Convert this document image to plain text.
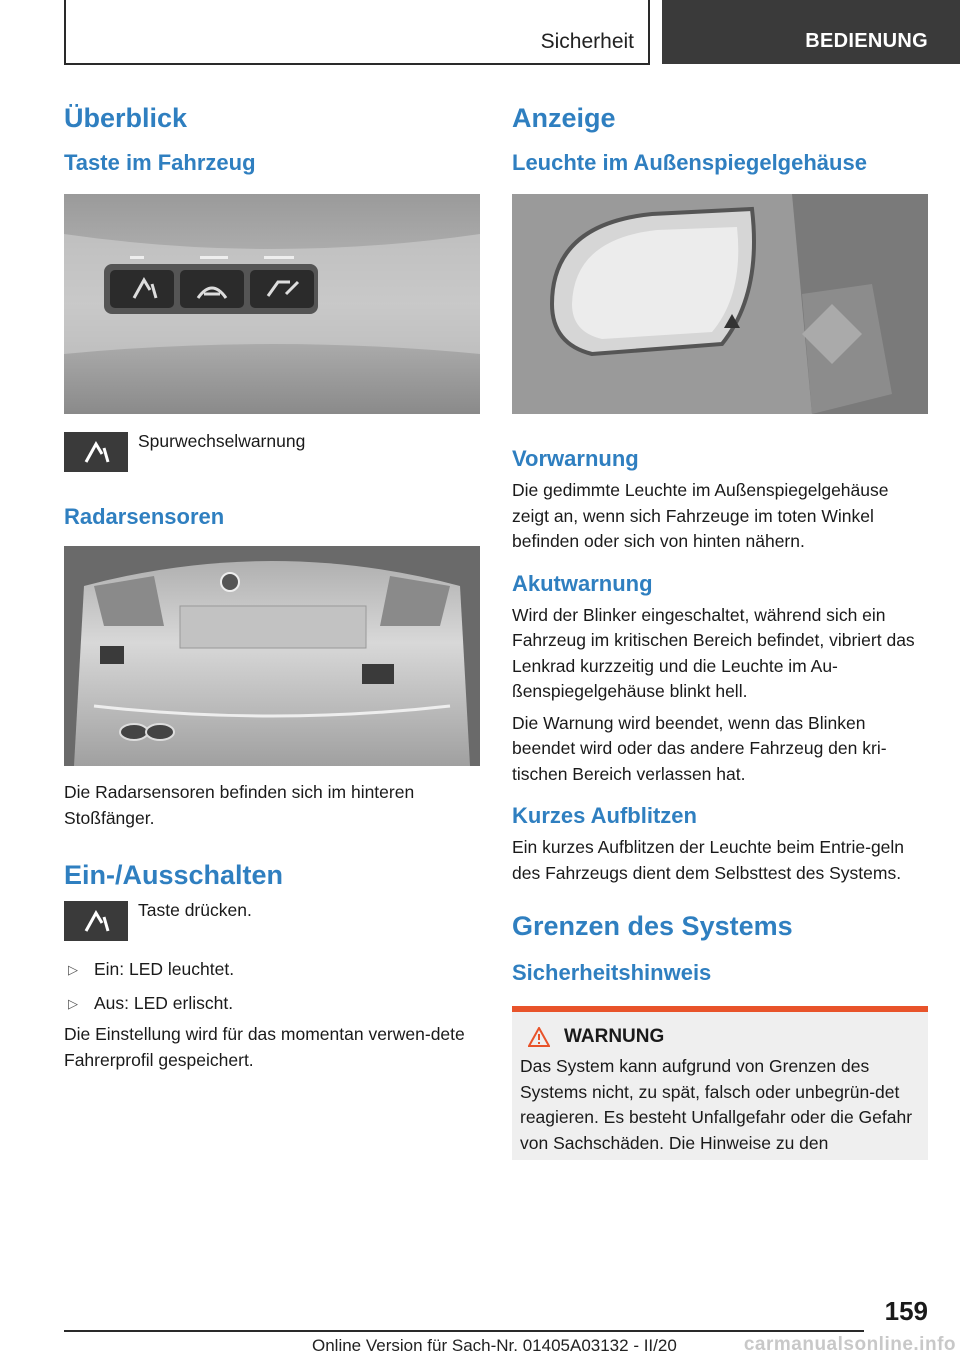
Sicherheit	BEDIENUNG
Überblick
Taste im Fahrzeug

Spurwechselwarnung

Radarsensoren

Die Radarsensoren befinden sich im hinteren Stoßfänger.

Ein-/Ausschalten

Taste drücken.

▷ Ein: LED leuchtet.
▷ Aus: LED erlischt.

Die Einstellung wird für das momentan verwen-dete Fahrerprofil gespeichert.

Anzeige
Leuchte im Außenspiegelgehäuse
Vorwarnung

Die gedimmte Leuchte im Außenspiegelgehäuse zeigt an, wenn sich Fahrzeuge im toten Winkel befinden oder sich von hinten nähern.

Akutwarnung

Wird der Blinker eingeschaltet, während sich ein Fahrzeug im kritischen Bereich befindet, vibriert das Lenkrad kurzzeitig und die Leuchte im Au-ßenspiegelgehäuse blinkt hell.

Die Warnung wird beendet, wenn das Blinken beendet wird oder das andere Fahrzeug den kri-tischen Bereich verlassen hat.

Kurzes Aufblitzen

Ein kurzes Aufblitzen der Leuchte beim Entrie-geln des Fahrzeugs dient dem Selbsttest des Systems.

Grenzen des Systems
Sicherheitshinweis
WARNUNG

Das System kann aufgrund von Grenzen des Systems nicht, zu spät, falsch oder unbegrün-det reagieren. Es besteht Unfallgefahr oder die Gefahr von Sachschäden. Die Hinweise zu den

159
Online Version für Sach-Nr. 01405A03132 - II/20	carmanualsonline.info
